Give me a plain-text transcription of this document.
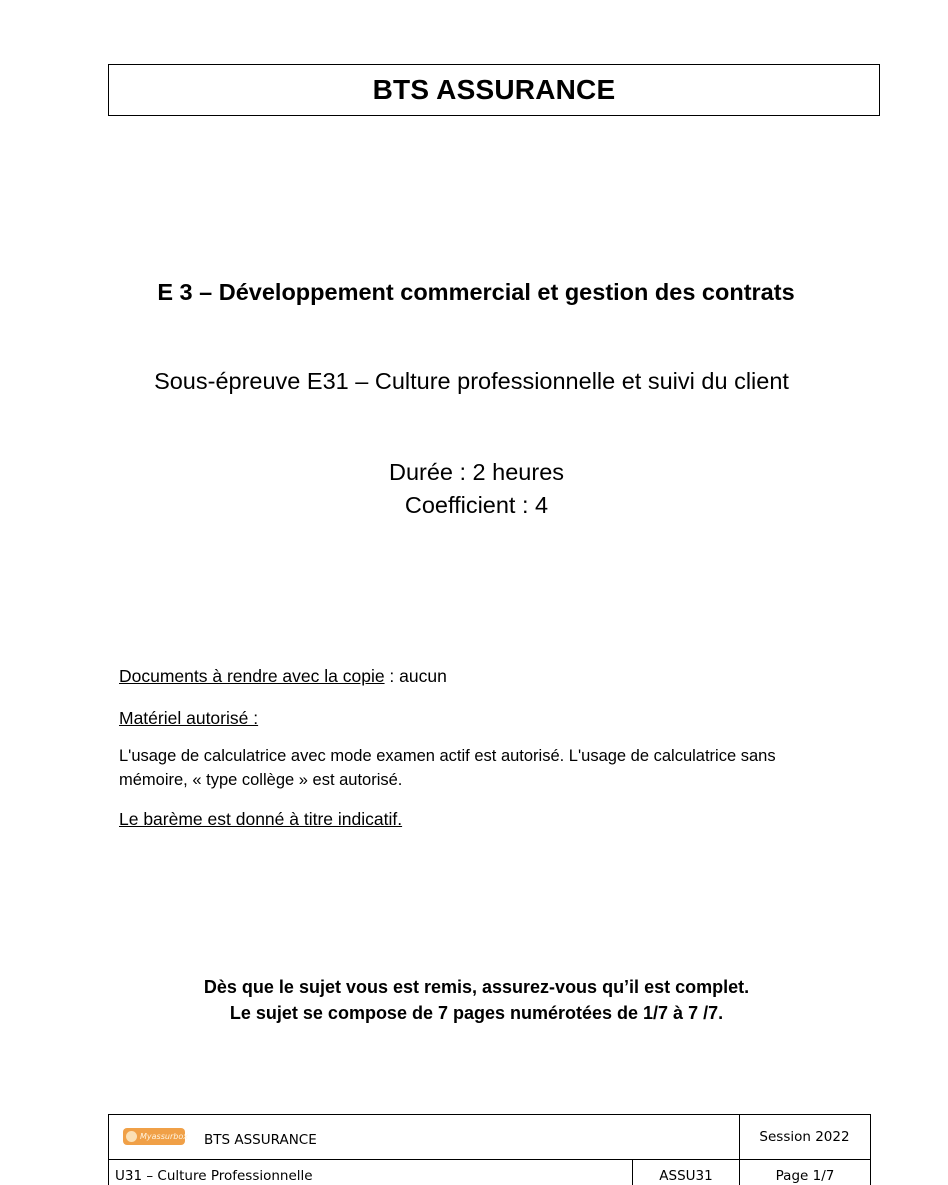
BTS ASSURANCE
E 3 – Développement commercial et gestion des contrats
Sous-épreuve E31 – Culture professionnelle et suivi du client
Durée : 2 heures
Coefficient : 4
Documents à rendre avec la copie : aucun
Matériel autorisé :
L'usage de calculatrice avec mode examen actif est autorisé. L'usage de calculatrice sans mémoire, « type collège » est autorisé.
Le barème est donné à titre indicatif.
Dès que le sujet vous est remis, assurez-vous qu’il est complet.
Le sujet se compose de 7 pages numérotées de 1/7 à 7 /7.
Myassurbox BTS ASSURANCE	Session 2022
U31 – Culture Professionnelle	ASSU31	Page 1/7
